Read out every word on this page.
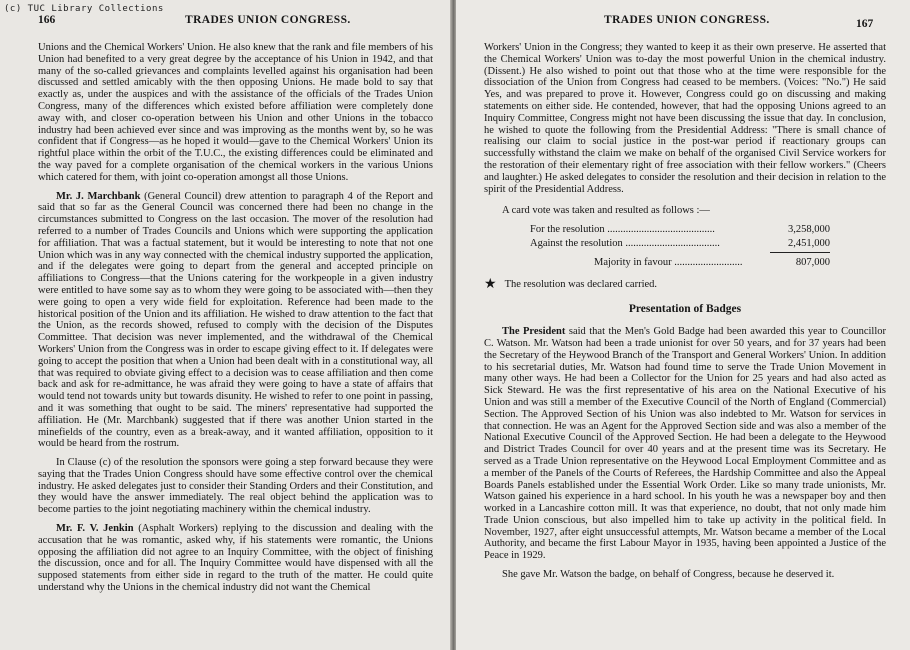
(c) TUC Library Collections
166	TRADES UNION CONGRESS.

Unions and the Chemical Workers' Union. He also knew that the rank and file members of his Union had benefited to a very great degree by the acceptance of his Union in 1942, and that many of the so-called grievances and complaints levelled against his organisation had been discussed and settled amicably with the then opposing Unions. He made bold to say that exactly as, under the auspices and with the assistance of the officials of the Trades Union Congress, many of the differences which existed before affiliation were completely done away with, and closer co-operation between his Union and other Unions in the tobacco industry had been achieved ever since and was improving as the months went by, so he was confident that if Congress—as he hoped it would—gave to the Chemical Workers' Union its rightful place within the orbit of the T.U.C., the existing differences could be eliminated and the way paved for a complete organisation of the chemical workers in the various Unions which catered for them, with joint co-operation amongst all those Unions.

Mr. J. Marchbank (General Council) drew attention to paragraph 4 of the Report and said that so far as the General Council was concerned there had been no change in the circumstances submitted to Congress on the last occasion. The mover of the resolution had referred to a number of Trades Councils and Unions which were supporting the application for affiliation. That was a factual statement, but it would be interesting to note that not one Union which was in any way connected with the chemical industry supported the application, and if the delegates were going to depart from the general and accepted principle on affiliations to Congress—that the Unions catering for the workpeople in a given industry were entitled to have some say as to whom they were going to be associated with—then they were going to open a very wide field for exploitation. Reference had been made to the historical position of the Union and its affiliation. He wished to draw attention to the fact that the Union, as the records showed, refused to comply with the decision of the Disputes Committee. That decision was never implemented, and the withdrawal of the Chemical Workers' Union from the Congress was in order to escape giving effect to it. If delegates were going to accept the position that when a Union had been dealt with in a constitutional way, all that was required to obviate giving effect to a decision was to cease affiliation and then come back and ask for re-admittance, he was afraid they were going to have a state of affairs that would tend not towards unity but towards disunity. He wished to refer to one point in passing, and it was something that ought to be said. The miners' representative had supported the affiliation. He (Mr. Marchbank) suggested that if there was another Union started in the minefields of the country, even as a break-away, and it wanted affiliation, opposition to it would be heard from the rostrum.

In Clause (c) of the resolution the sponsors were going a step forward because they were saying that the Trades Union Congress should have some effective control over the chemical industry. He asked delegates just to consider their Standing Orders and their Constitution, and they would have the answer immediately. The real object behind the application was to become parties to the joint negotiating machinery within the chemical industry.

Mr. F. V. Jenkin (Asphalt Workers) replying to the discussion and dealing with the accusation that he was romantic, asked why, if his statements were romantic, the Unions opposing the affiliation did not agree to an Inquiry Committee, with the object of finishing the discussion, once and for all. The Inquiry Committee would have dispensed with all the supposed statements from either side in regard to the truth of the matter. He could quite understand why the Unions in the chemical industry did not want the Chemical

TRADES UNION CONGRESS.	167

Workers' Union in the Congress; they wanted to keep it as their own preserve. He asserted that the Chemical Workers' Union was to-day the most powerful Union in the chemical industry. (Dissent.) He also wished to point out that those who at the time were responsible for the dissociation of the Union from Congress had ceased to be members. (Voices: "No.") He said Yes, and was prepared to prove it. However, Congress could go on discussing and making statements on either side. He contended, however, that had the opposing Unions agreed to an Inquiry Committee, Congress might not have been discussing the issue that day. In conclusion, he wished to quote the following from the Presidential Address: "There is small chance of realising our claim to social justice in the post-war period if reactionary groups can successfully withstand the claim we make on behalf of the organised Civil Service workers for the restoration of their elementary right of free association with their fellow workers." (Cheers and laughter.) He asked delegates to consider the resolution and their decision in relation to the spirit of the Presidential Address.

A card vote was taken and resulted as follows :—

For the resolution .........................................	3,258,000
Against the resolution ....................................	2,451,000
Majority in favour ..........................	807,000
★ The resolution was declared carried.
Presentation of Badges

The President said that the Men's Gold Badge had been awarded this year to Councillor C. Watson. Mr. Watson had been a trade unionist for over 50 years, and for 37 years had been the Secretary of the Heywood Branch of the Transport and General Workers' Union. In addition to his secretarial duties, Mr. Watson had found time to serve the Trade Union Movement in many other ways. He had been a Collector for the Union for 25 years and had also acted as Sick Steward. He was the first representative of his area on the National Executive of his Union and was still a member of the Executive Council of the North of England (Commercial) Section. The Approved Section of his Union was also indebted to Mr. Watson for services in that connection. He was an Agent for the Approved Section side and was also a member of the National Executive Council of the Approved Section. He had been a delegate to the Heywood and District Trades Council for over 40 years and at the present time was its Secretary. He served as a Trade Union representative on the Heywood Local Employment Committee and as a member of the Panels of the Courts of Referees, the Hardship Committee and also the Appeal Boards Panels established under the Essential Work Order. Like so many trade unionists, Mr. Watson gained his experience in a hard school. In his youth he was a newspaper boy and then worked in a Lancashire cotton mill. It was that experience, no doubt, that not only made him Trade Union conscious, but also impelled him to take up activity in the political field. In November, 1927, after eight unsuccessful attempts, Mr. Watson became a member of the Local Authority, and became the first Labour Mayor in 1935, having been appointed a Justice of the Peace in 1929.

She gave Mr. Watson the badge, on behalf of Congress, because he deserved it.
